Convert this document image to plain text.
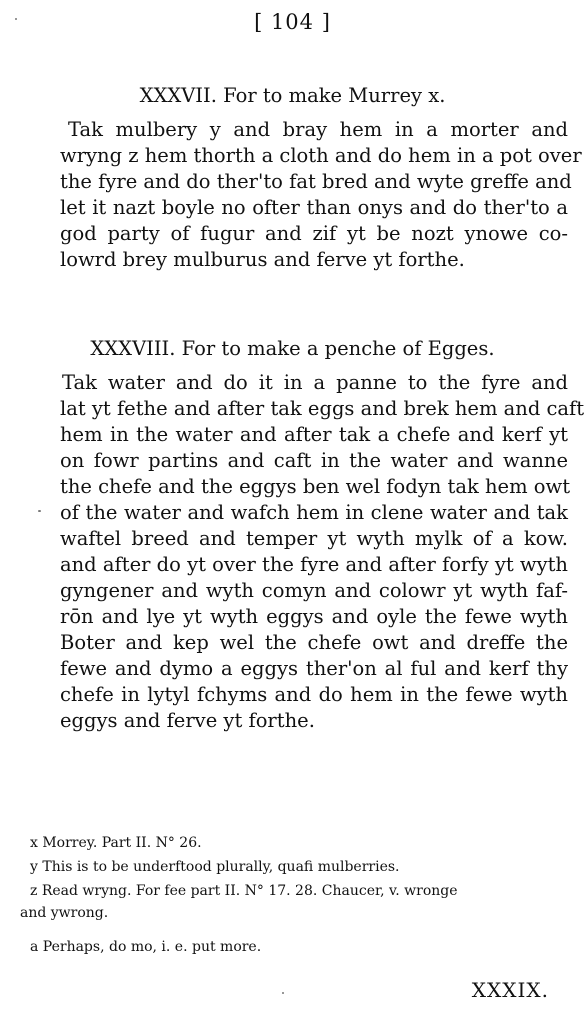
[ 104 ]
XXXVII. For to make Murrey x.
Tak mulbery y and bray hem in a morter and
wryng z hem thorth a cloth and do hem in a pot over
the fyre and do ther'to fat bred and wyte greffe and
let it nazt boyle no ofter than onys and do ther'to a
god party of fugur and zif yt be nozt ynowe co-
lowrd brey mulburus and ferve yt forthe.
XXXVIII. For to make a penche of Egges.
Tak water and do it in a panne to the fyre and
lat yt fethe and after tak eggs and brek hem and caft
hem in the water and after tak a chefe and kerf yt
on fowr partins and caft in the water and wanne
the chefe and the eggys ben wel fodyn tak hem owt
of the water and wafch hem in clene water and tak
waftel breed and temper yt wyth mylk of a kow.
and after do yt over the fyre and after forfy yt wyth
gyngener and wyth comyn and colowr yt wyth faf-
rōn and lye yt wyth eggys and oyle the fewe wyth
Boter and kep wel the chefe owt and dreffe the
fewe and dymo a eggys ther'on al ful and kerf thy
chefe in lytyl fchyms and do hem in the fewe wyth
eggys and ferve yt forthe.
x Morrey. Part II. N° 26.
y This is to be underftood plurally, quafi mulberries.
z Read wryng. For fee part II. N° 17. 28. Chaucer, v. wronge
and ywrong.
a Perhaps, do mo, i. e. put more.
XXXIX.
